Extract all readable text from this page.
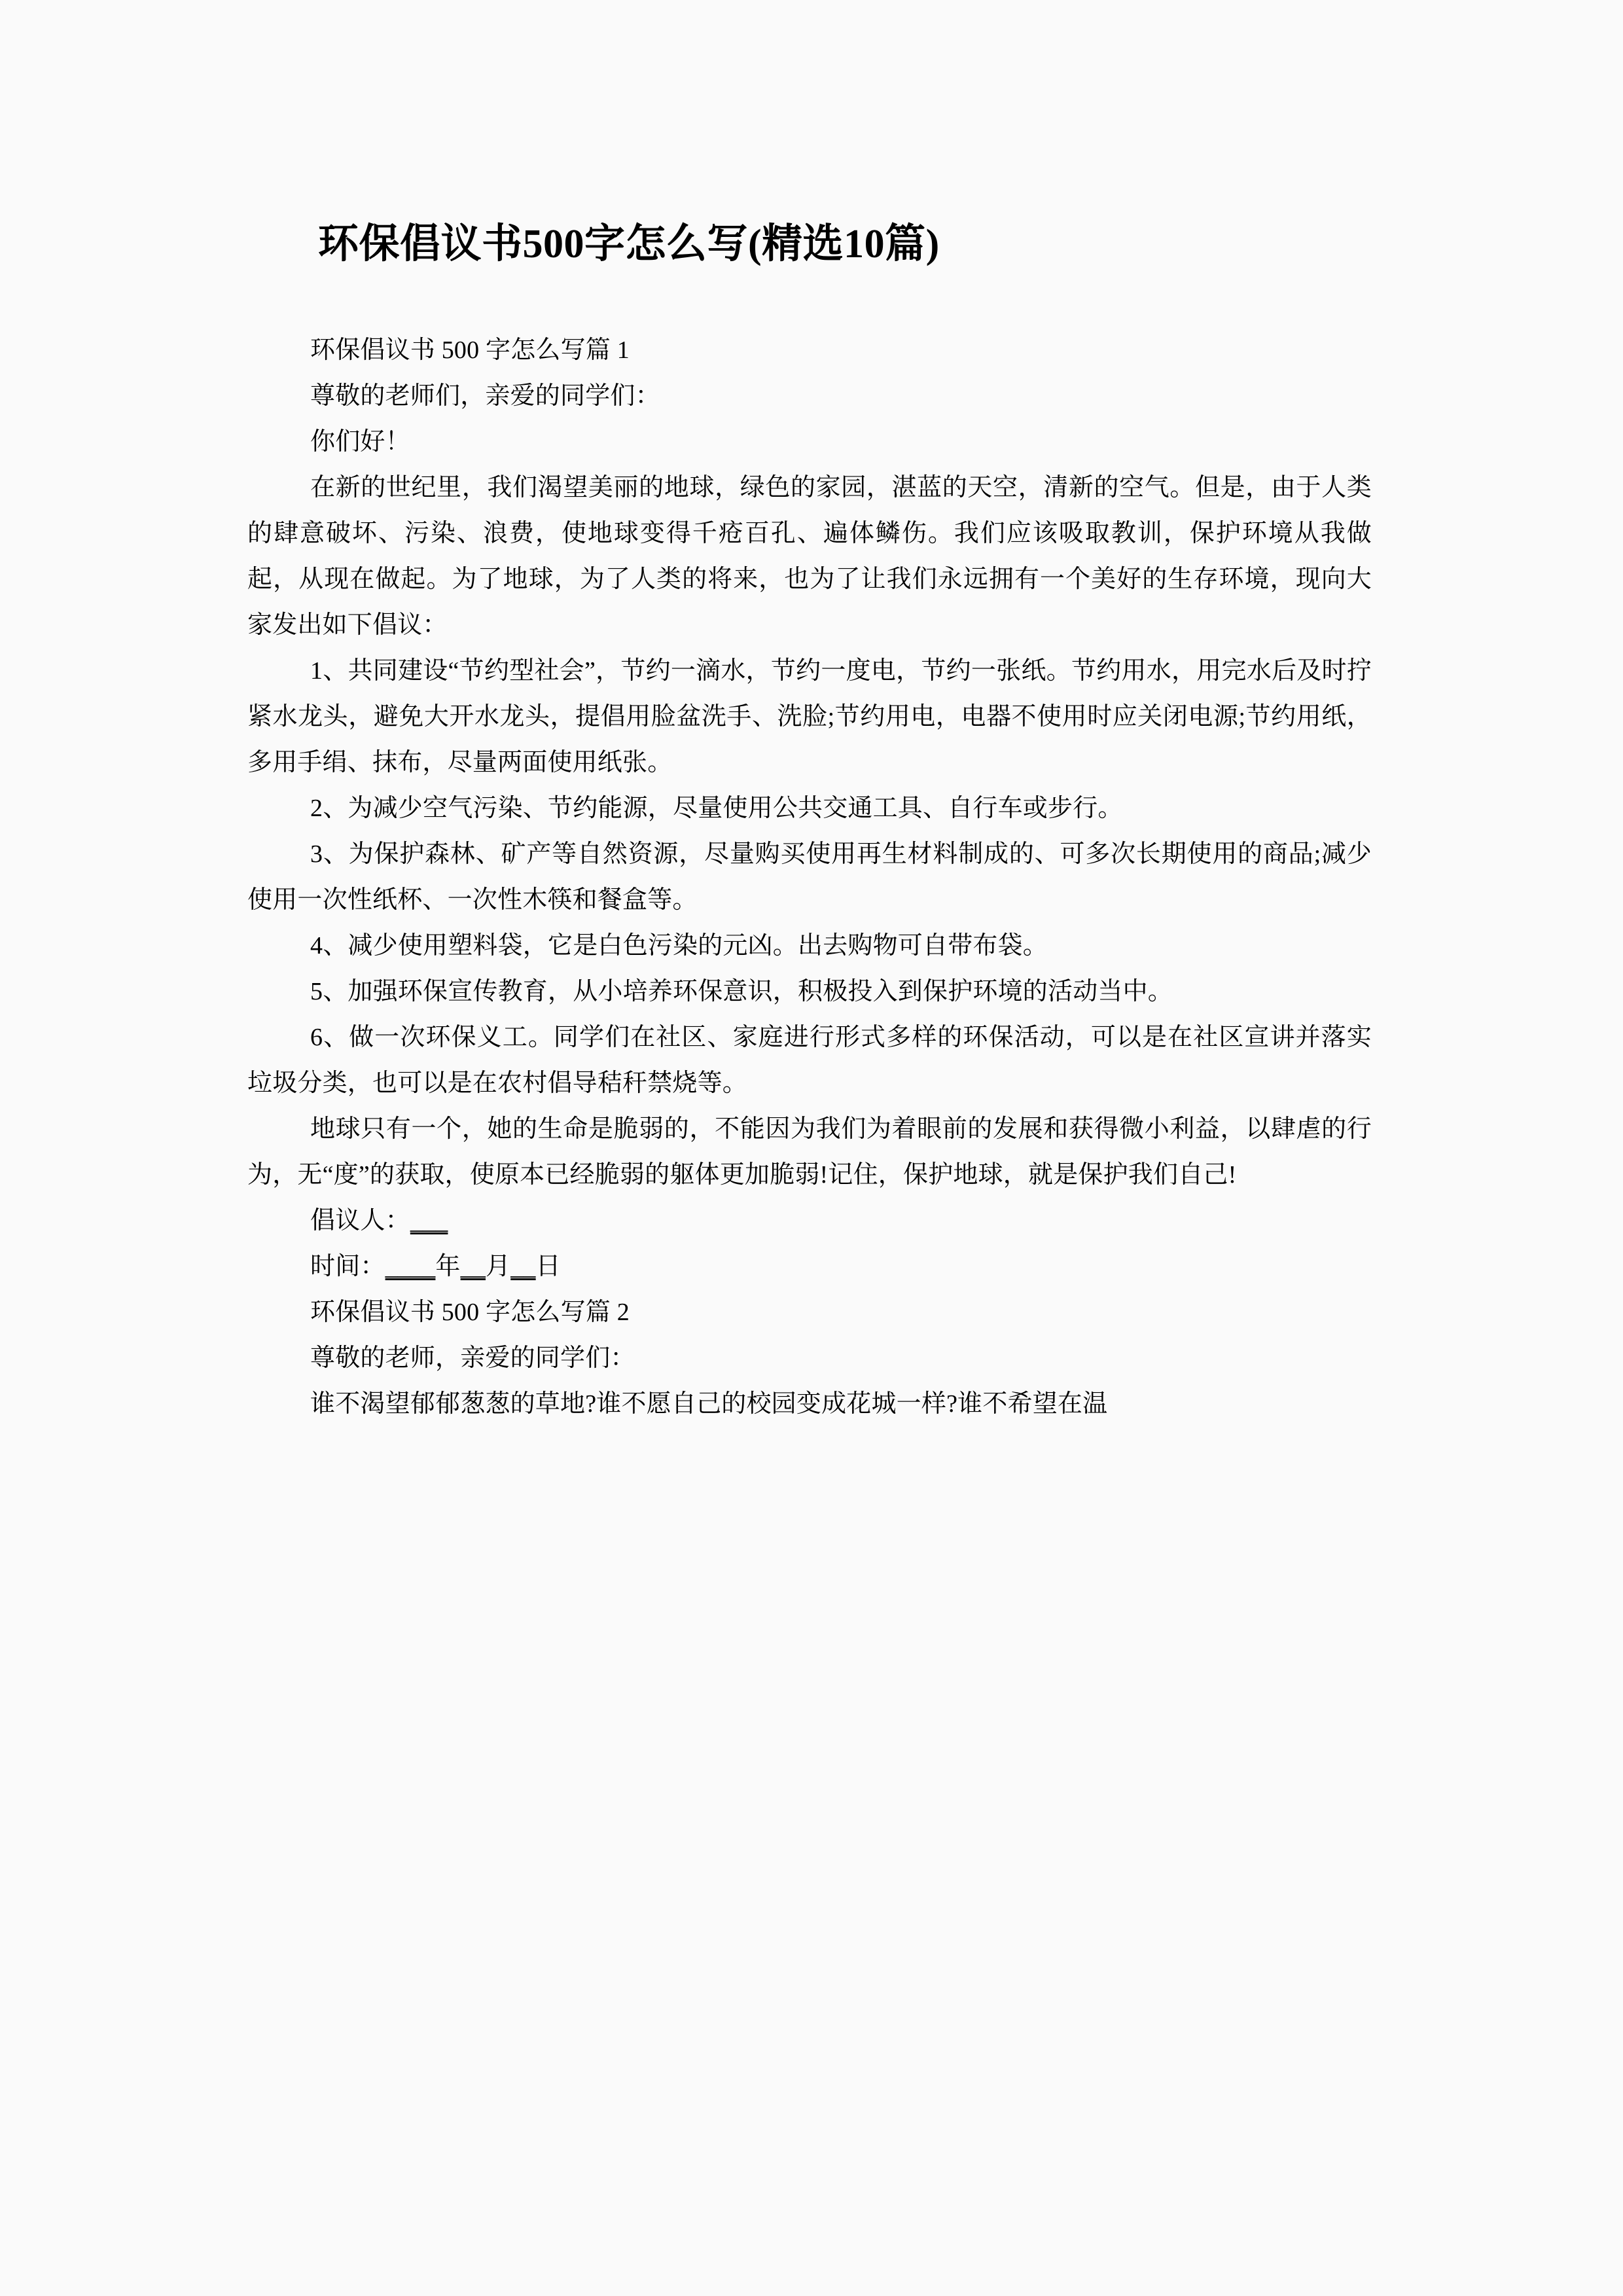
环保倡议书500字怎么写(精选10篇)

环保倡议书 500 字怎么写篇 1

尊敬的老师们，亲爱的同学们：

你们好！

在新的世纪里，我们渴望美丽的地球，绿色的家园，湛蓝的天空，清新的空气。但是，由于人类的肆意破坏、污染、浪费，使地球变得千疮百孔、遍体鳞伤。我们应该吸取教训，保护环境从我做起，从现在做起。为了地球，为了人类的将来，也为了让我们永远拥有一个美好的生存环境，现向大家发出如下倡议：

1、共同建设“节约型社会”，节约一滴水，节约一度电，节约一张纸。节约用水，用完水后及时拧紧水龙头，避免大开水龙头，提倡用脸盆洗手、洗脸;节约用电，电器不使用时应关闭电源;节约用纸，多用手绢、抹布，尽量两面使用纸张。

2、为减少空气污染、节约能源，尽量使用公共交通工具、自行车或步行。

3、为保护森林、矿产等自然资源，尽量购买使用再生材料制成的、可多次长期使用的商品;减少使用一次性纸杯、一次性木筷和餐盒等。

4、减少使用塑料袋，它是白色污染的元凶。出去购物可自带布袋。

5、加强环保宣传教育，从小培养环保意识，积极投入到保护环境的活动当中。

6、做一次环保义工。同学们在社区、家庭进行形式多样的环保活动，可以是在社区宣讲并落实垃圾分类，也可以是在农村倡导秸秆禁烧等。

地球只有一个，她的生命是脆弱的，不能因为我们为着眼前的发展和获得微小利益，以肆虐的行为，无“度”的获取，使原本已经脆弱的躯体更加脆弱!记住，保护地球，就是保护我们自己!

倡议人：___

时间：____年__月__日

环保倡议书 500 字怎么写篇 2

尊敬的老师，亲爱的同学们：

谁不渴望郁郁葱葱的草地?谁不愿自己的校园变成花城一样?谁不希望在温
